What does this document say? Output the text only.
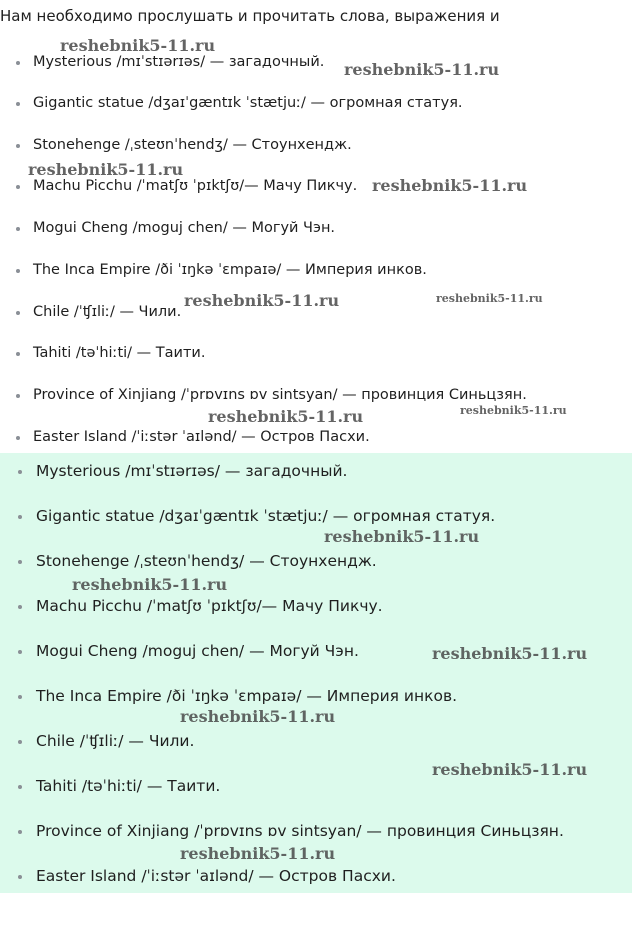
Нам необходимо прослушать и прочитать слова, выражения и
Mysterious /mɪˈstɪərɪəs/ — загадочный.
Gigantic statue /dʒaɪˈgæntɪk ˈstætjuː/ — огромная статуя.
Stonehenge /ˌsteʊnˈhendʒ/ — Стоунхендж.
Machu Picchu /ˈmatʃʊ ˈpɪktʃʊ/— Мачу Пикчу.
Mogui Cheng /moguj chen/ — Могуй Чэн.
The Inca Empire /ði ˈɪŋkə ˈɛmpaɪə/ — Империя инков.
Chile /ˈʧɪliː/ — Чили.
Tahiti /təˈhiːti/ — Таити.
Province of Xinjiang /ˈprɒvɪns ɒv sintsyan/ — провинция Синьцзян.
Easter Island /ˈiːstər ˈaɪlənd/ — Остров Пасхи.
Mysterious /mɪˈstɪərɪəs/ — загадочный.
Gigantic statue /dʒaɪˈgæntɪk ˈstætjuː/ — огромная статуя.
Stonehenge /ˌsteʊnˈhendʒ/ — Стоунхендж.
Machu Picchu /ˈmatʃʊ ˈpɪktʃʊ/— Мачу Пикчу.
Mogui Cheng /moguj chen/ — Могуй Чэн.
The Inca Empire /ði ˈɪŋkə ˈɛmpaɪə/ — Империя инков.
Chile /ˈʧɪliː/ — Чили.
Tahiti /təˈhiːti/ — Таити.
Province of Xinjiang /ˈprɒvɪns ɒv sintsyan/ — провинция Синьцзян.
Easter Island /ˈiːstər ˈaɪlənd/ — Остров Пасхи.
reshebnik5-11.ru
reshebnik5-11.ru
reshebnik5-11.ru
reshebnik5-11.ru
reshebnik5-11.ru	reshebnik5-11.ru
reshebnik5-11.ru	reshebnik5-11.ru
reshebnik5-11.ru
reshebnik5-11.ru
reshebnik5-11.ru
reshebnik5-11.ru
reshebnik5-11.ru
reshebnik5-11.ru
